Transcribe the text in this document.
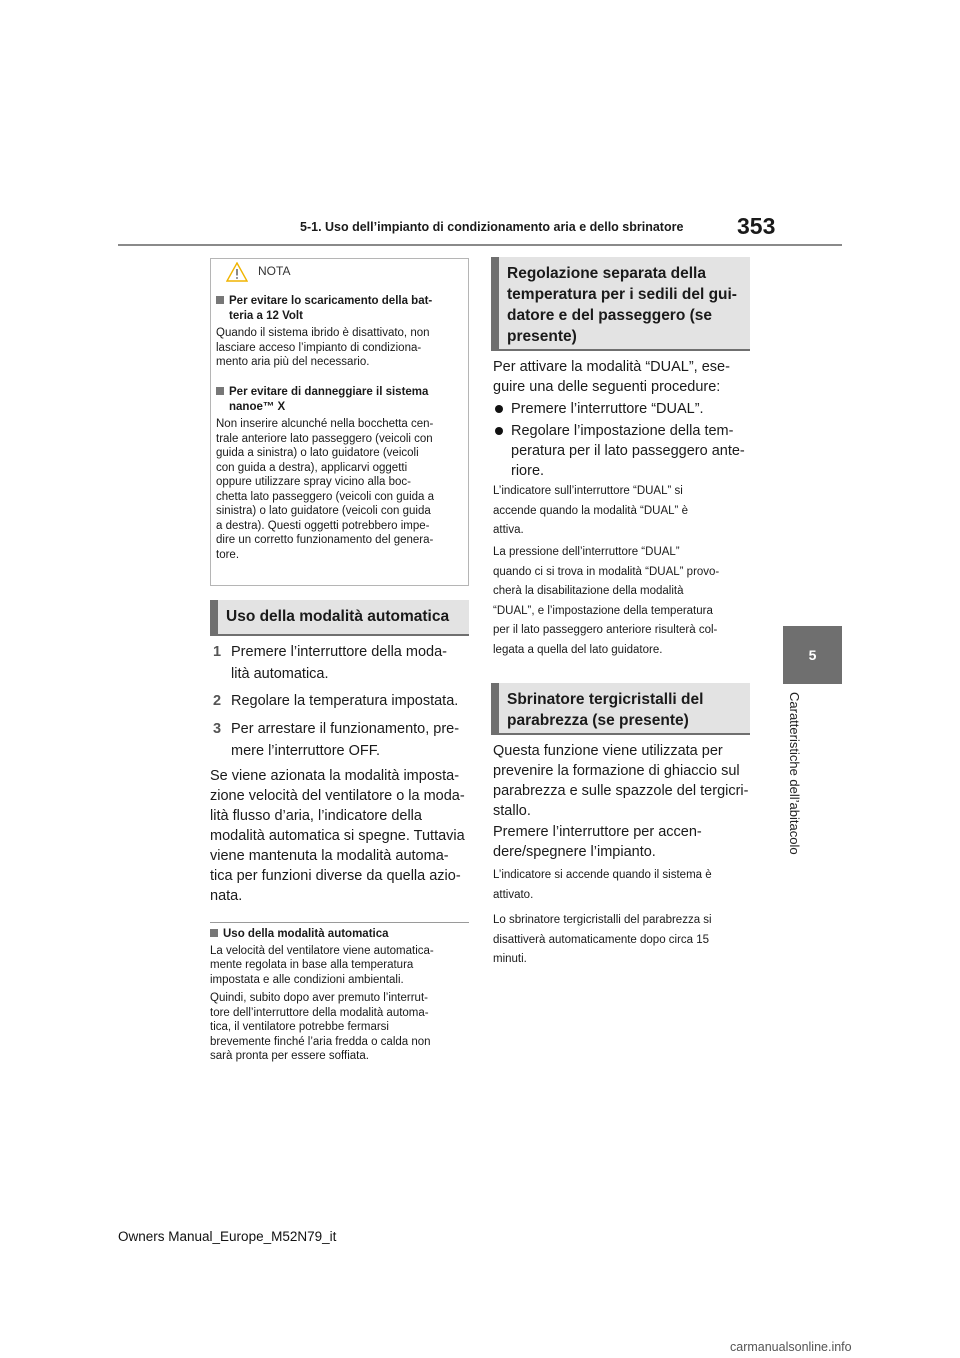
5-1. Uso dell’impianto di condizionamento aria e dello sbrinatore 353
5
Caratteristiche dell’abitacolo
NOTA
Per evitare lo scaricamento della bat-
teria a 12 Volt
Quando il sistema ibrido è disattivato, non
lasciare acceso l’impianto di condiziona-
mento aria più del necessario.
Per evitare di danneggiare il sistema
nanoe™ X
Non inserire alcunché nella bocchetta cen-
trale anteriore lato passeggero (veicoli con
guida a sinistra) o lato guidatore (veicoli
con guida a destra), applicarvi oggetti
oppure utilizzare spray vicino alla boc-
chetta lato passeggero (veicoli con guida a
sinistra) o lato guidatore (veicoli con guida
a destra). Questi oggetti potrebbero impe-
dire un corretto funzionamento del genera-
tore.
Uso della modalità automatica
1 Premere l’interruttore della moda-
lità automatica.
2 Regolare la temperatura impostata.
3 Per arrestare il funzionamento, pre-
mere l’interruttore OFF.
Se viene azionata la modalità imposta-
zione velocità del ventilatore o la moda-
lità flusso d’aria, l’indicatore della
modalità automatica si spegne. Tuttavia
viene mantenuta la modalità automa-
tica per funzioni diverse da quella azio-
nata.
Uso della modalità automatica
La velocità del ventilatore viene automatica-
mente regolata in base alla temperatura
impostata e alle condizioni ambientali.
Quindi, subito dopo aver premuto l’interrut-
tore dell’interruttore della modalità automa-
tica, il ventilatore potrebbe fermarsi
brevemente finché l’aria fredda o calda non
sarà pronta per essere soffiata.
Regolazione separata della
temperatura per i sedili del gui-
datore e del passeggero (se
presente)
Per attivare la modalità “DUAL”, ese-
guire una delle seguenti procedure:
Premere l’interruttore “DUAL”.
Regolare l’impostazione della tem-
peratura per il lato passeggero ante-
riore.
L’indicatore sull’interruttore “DUAL” si
accende quando la modalità “DUAL” è
attiva.
La pressione dell’interruttore “DUAL”
quando ci si trova in modalità “DUAL” provo-
cherà la disabilitazione della modalità
“DUAL”, e l’impostazione della temperatura
per il lato passeggero anteriore risulterà col-
legata a quella del lato guidatore.
Sbrinatore tergicristalli del
parabrezza (se presente)
Questa funzione viene utilizzata per
prevenire la formazione di ghiaccio sul
parabrezza e sulle spazzole del tergicri-
stallo.
Premere l’interruttore per accen-
dere/spegnere l’impianto.
L’indicatore si accende quando il sistema è
attivato.
Lo sbrinatore tergicristalli del parabrezza si
disattiverà automaticamente dopo circa 15
minuti.
Owners Manual_Europe_M52N79_it
carmanualsonline.info
